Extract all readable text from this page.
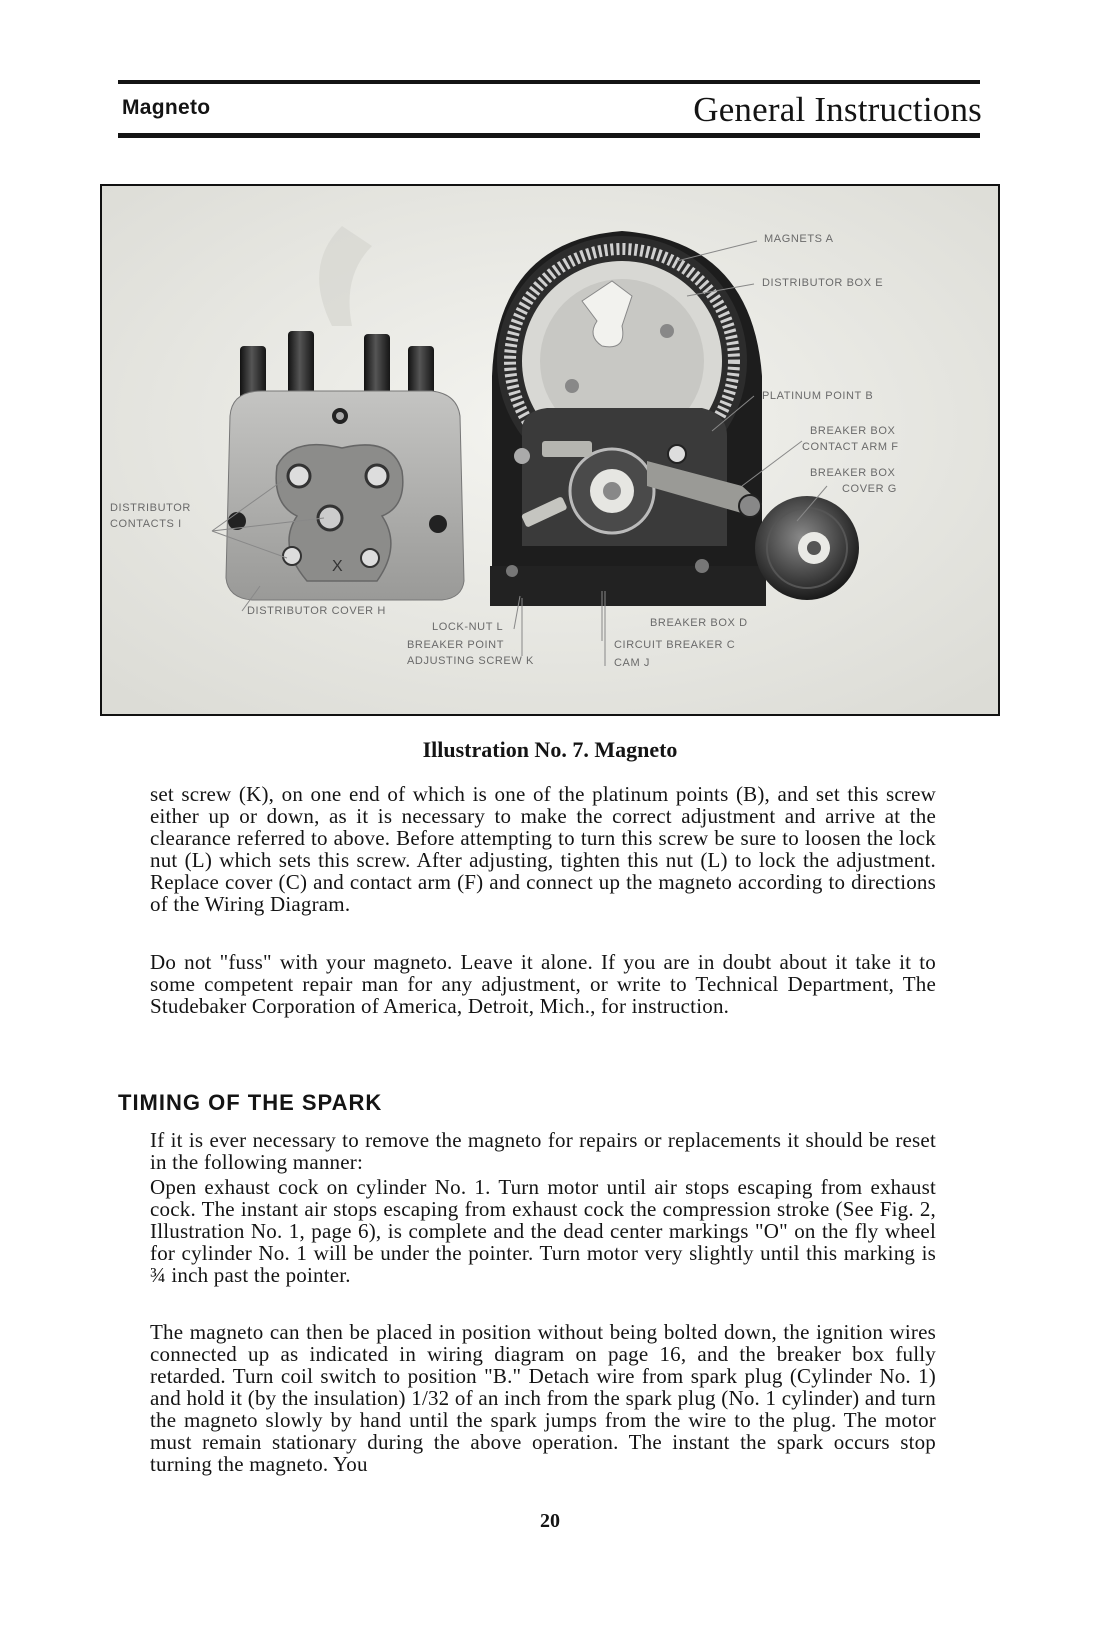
Magneto	General Instructions
X
MAGNETS A
DISTRIBUTOR BOX E
PLATINUM POINT B
BREAKER BOX
CONTACT ARM F
BREAKER BOX
COVER G
DISTRIBUTOR
CONTACTS I
DISTRIBUTOR COVER H
LOCK-NUT L
BREAKER POINT
ADJUSTING SCREW K
BREAKER BOX D
CIRCUIT BREAKER C
CAM J
Illustration No. 7. Magneto

set screw (K), on one end of which is one of the platinum points (B), and set this screw either up or down, as it is necessary to make the correct adjustment and arrive at the clearance referred to above. Before attempting to turn this screw be sure to loosen the lock nut (L) which sets this screw. After adjusting, tighten this nut (L) to lock the adjustment. Replace cover (C) and contact arm (F) and connect up the magneto according to directions of the Wiring Diagram.

Do not "fuss" with your magneto. Leave it alone. If you are in doubt about it take it to some competent repair man for any adjustment, or write to Technical Department, The Studebaker Corporation of America, Detroit, Mich., for instruction.

TIMING OF THE SPARK

If it is ever necessary to remove the magneto for repairs or replacements it should be reset in the following manner:

Open exhaust cock on cylinder No. 1. Turn motor until air stops escaping from exhaust cock. The instant air stops escaping from exhaust cock the compression stroke (See Fig. 2, Illustration No. 1, page 6), is complete and the dead center markings "O" on the fly wheel for cylinder No. 1 will be under the pointer. Turn motor very slightly until this marking is ¾ inch past the pointer.

The magneto can then be placed in position without being bolted down, the ignition wires connected up as indicated in wiring diagram on page 16, and the breaker box fully retarded. Turn coil switch to position "B." Detach wire from spark plug (Cylinder No. 1) and hold it (by the insulation) 1/32 of an inch from the spark plug (No. 1 cylinder) and turn the magneto slowly by hand until the spark jumps from the wire to the plug. The motor must remain stationary during the above operation. The instant the spark occurs stop turning the magneto. You

20
